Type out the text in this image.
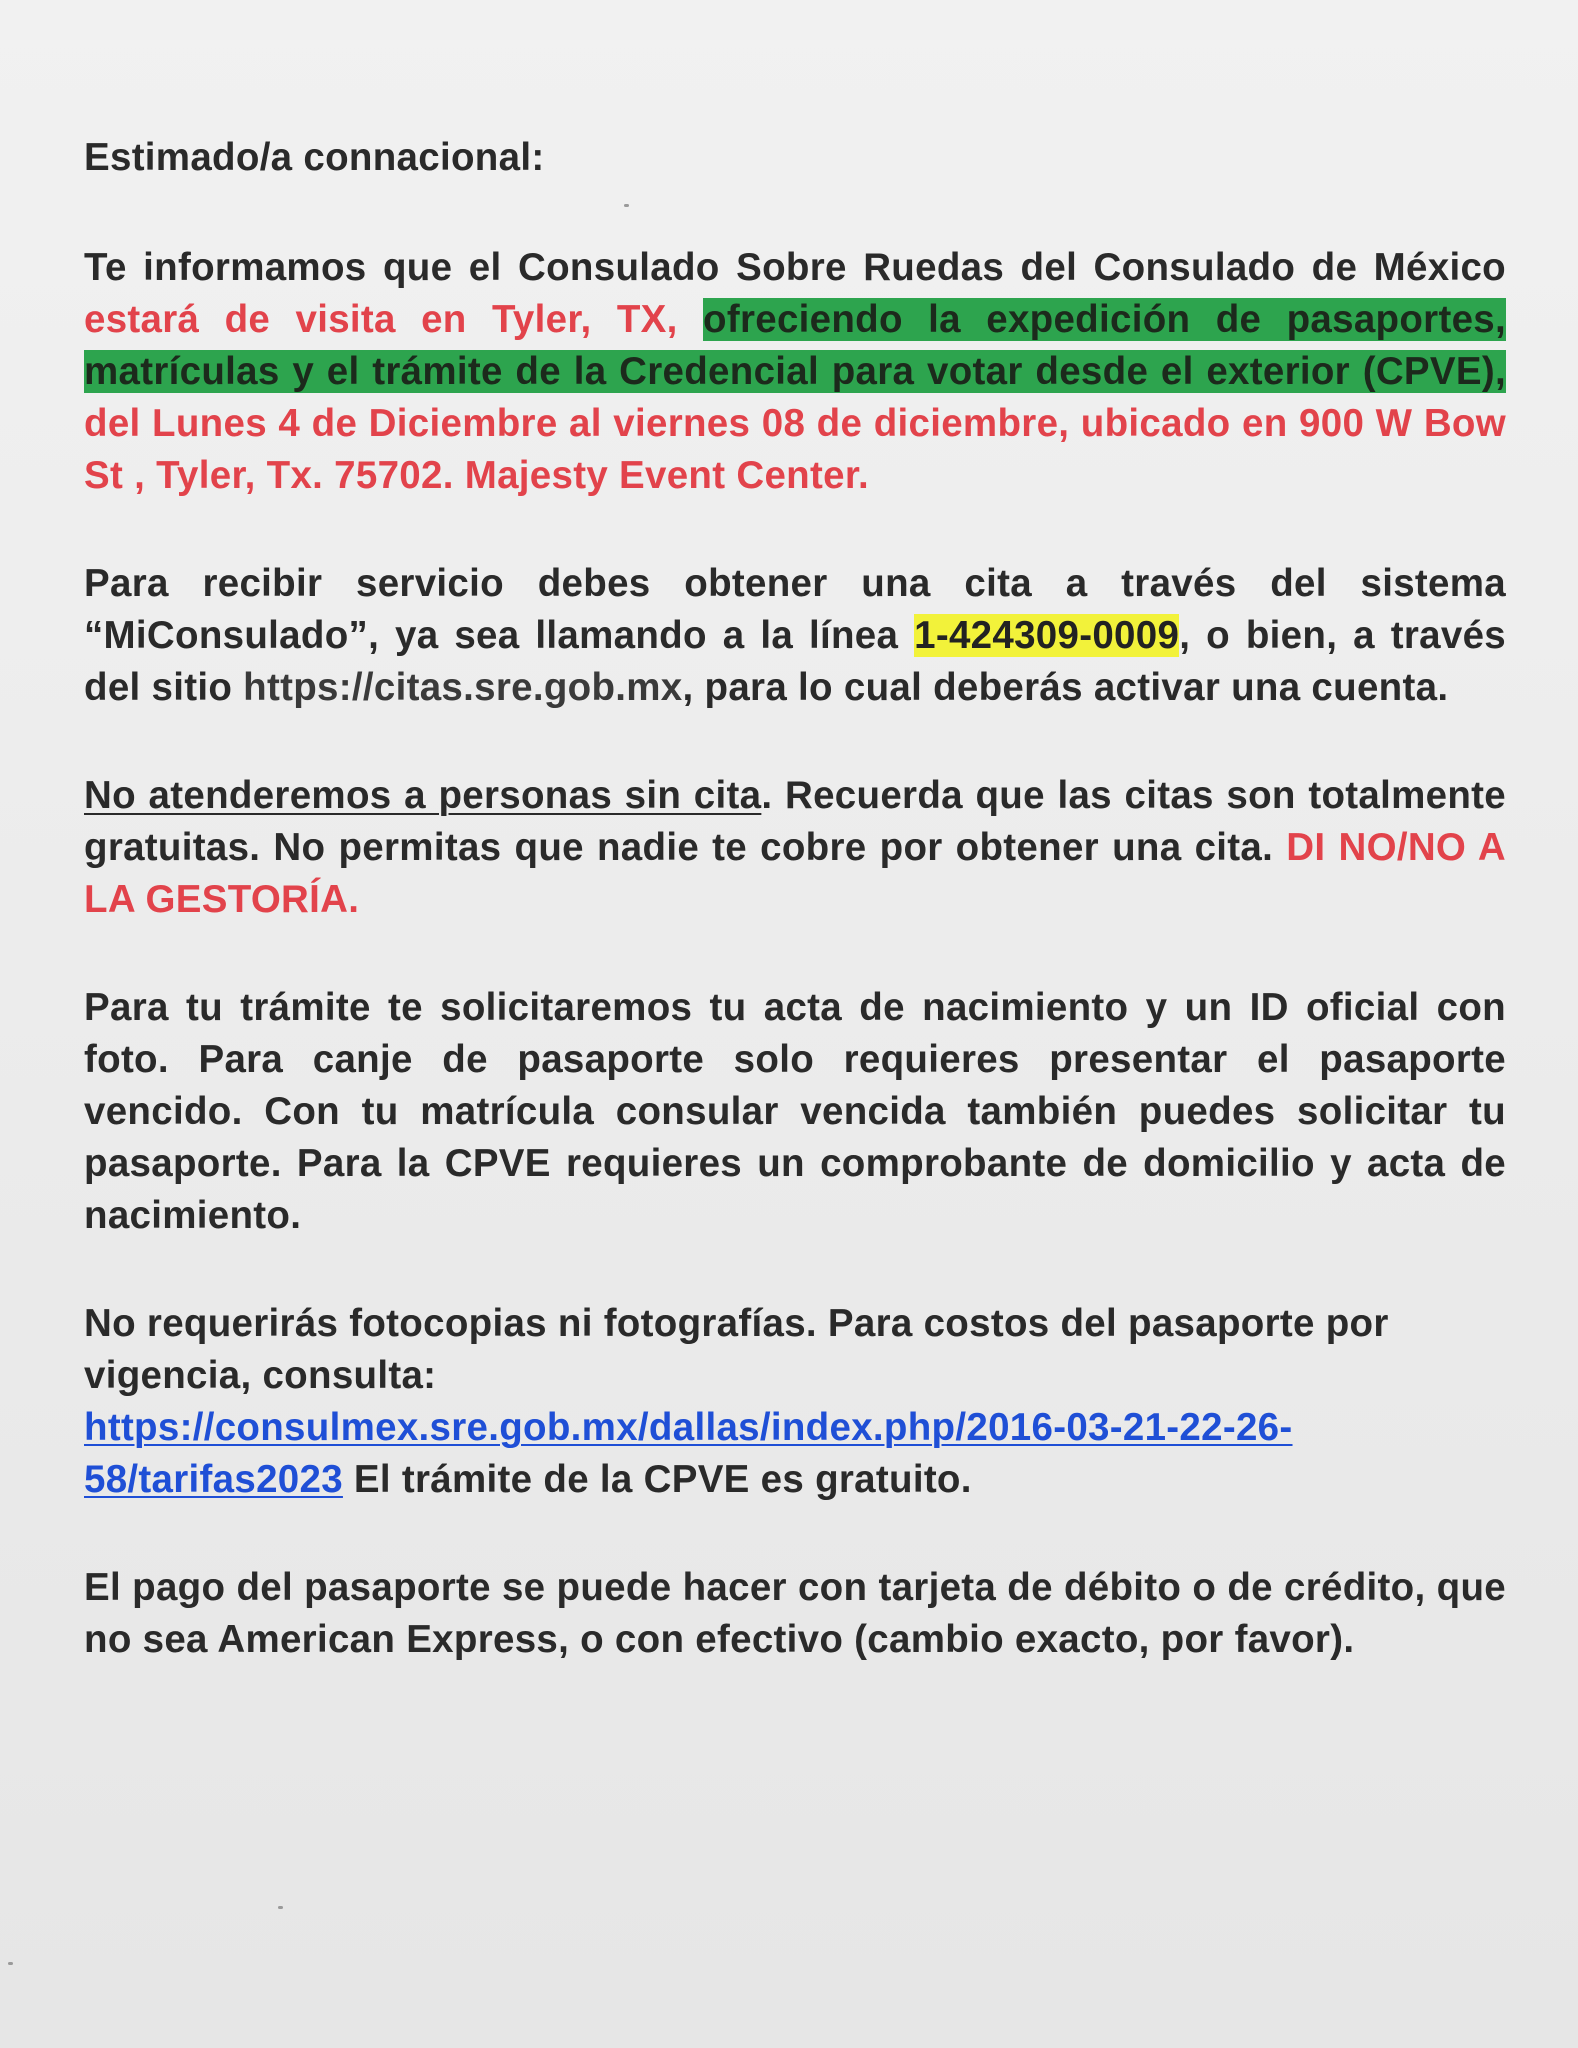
Estimado/a connacional:

Te informamos que el Consulado Sobre Ruedas del Consulado de México estará de visita en Tyler, TX, ofreciendo la expedición de pasaportes, matrículas y el trámite de la Credencial para votar desde el exterior (CPVE), del Lunes 4 de Diciembre al viernes 08 de diciembre, ubicado en 900 W Bow St , Tyler, Tx. 75702. Majesty Event Center.

Para recibir servicio debes obtener una cita a través del sistema “MiConsulado”, ya sea llamando a la línea 1-424309-0009, o bien, a través del sitio https://citas.sre.gob.mx, para lo cual deberás activar una cuenta.

No atenderemos a personas sin cita. Recuerda que las citas son totalmente gratuitas. No permitas que nadie te cobre por obtener una cita. DI NO/NO A LA GESTORÍA.

Para tu trámite te solicitaremos tu acta de nacimiento y un ID oficial con foto. Para canje de pasaporte solo requieres presentar el pasaporte vencido. Con tu matrícula consular vencida también puedes solicitar tu pasaporte. Para la CPVE requieres un comprobante de domicilio y acta de nacimiento.

No requerirás fotocopias ni fotografías. Para costos del pasaporte por vigencia, consulta:
https://consulmex.sre.gob.mx/dallas/index.php/2016-03-21-22-26-
58/tarifas2023 El trámite de la CPVE es gratuito.

El pago del pasaporte se puede hacer con tarjeta de débito o de crédito, que no sea American Express, o con efectivo (cambio exacto, por favor).
